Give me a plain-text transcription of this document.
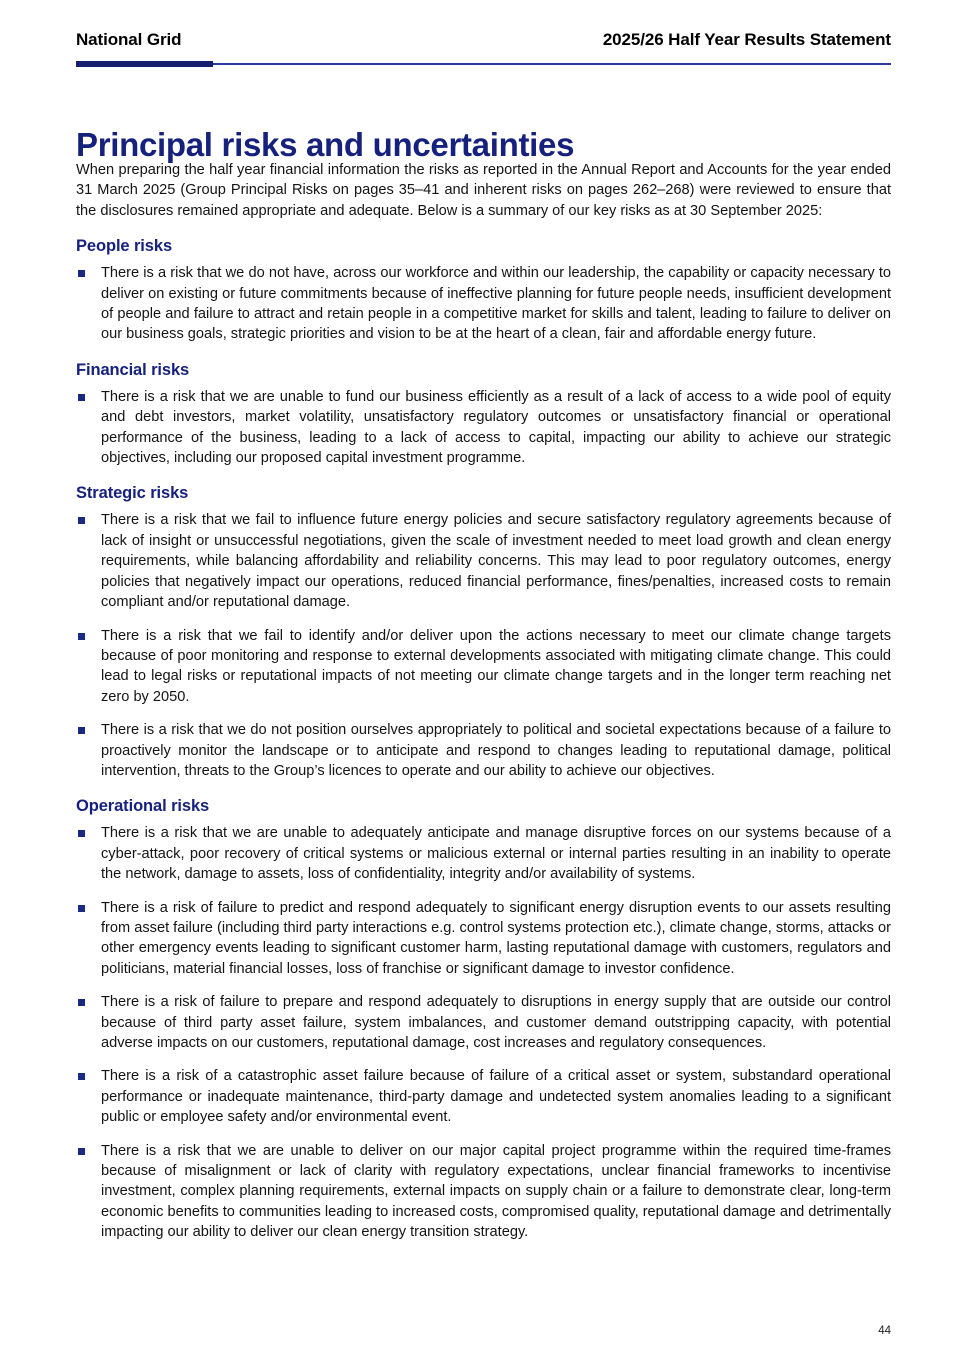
National Grid	2025/26 Half Year Results Statement
Principal risks and uncertainties

When preparing the half year financial information the risks as reported in the Annual Report and Accounts for the year ended 31 March 2025 (Group Principal Risks on pages 35–41 and inherent risks on pages 262–268) were reviewed to ensure that the disclosures remained appropriate and adequate. Below is a summary of our key risks as at 30 September 2025:

People risks
There is a risk that we do not have, across our workforce and within our leadership, the capability or capacity necessary to deliver on existing or future commitments because of ineffective planning for future people needs, insufficient development of people and failure to attract and retain people in a competitive market for skills and talent, leading to failure to deliver on our business goals, strategic priorities and vision to be at the heart of a clean, fair and affordable energy future.
Financial risks
There is a risk that we are unable to fund our business efficiently as a result of a lack of access to a wide pool of equity and debt investors, market volatility, unsatisfactory regulatory outcomes or unsatisfactory financial or operational performance of the business, leading to a lack of access to capital, impacting our ability to achieve our strategic objectives, including our proposed capital investment programme.
Strategic risks
There is a risk that we fail to influence future energy policies and secure satisfactory regulatory agreements because of lack of insight or unsuccessful negotiations, given the scale of investment needed to meet load growth and clean energy requirements, while balancing affordability and reliability concerns. This may lead to poor regulatory outcomes, energy policies that negatively impact our operations, reduced financial performance, fines/penalties, increased costs to remain compliant and/or reputational damage.
There is a risk that we fail to identify and/or deliver upon the actions necessary to meet our climate change targets because of poor monitoring and response to external developments associated with mitigating climate change. This could lead to legal risks or reputational impacts of not meeting our climate change targets and in the longer term reaching net zero by 2050.
There is a risk that we do not position ourselves appropriately to political and societal expectations because of a failure to proactively monitor the landscape or to anticipate and respond to changes leading to reputational damage, political intervention, threats to the Group’s licences to operate and our ability to achieve our objectives.
Operational risks
There is a risk that we are unable to adequately anticipate and manage disruptive forces on our systems because of a cyber-attack, poor recovery of critical systems or malicious external or internal parties resulting in an inability to operate the network, damage to assets, loss of confidentiality, integrity and/or availability of systems.
There is a risk of failure to predict and respond adequately to significant energy disruption events to our assets resulting from asset failure (including third party interactions e.g. control systems protection etc.), climate change, storms, attacks or other emergency events leading to significant customer harm, lasting reputational damage with customers, regulators and politicians, material financial losses, loss of franchise or significant damage to investor confidence.
There is a risk of failure to prepare and respond adequately to disruptions in energy supply that are outside our control because of third party asset failure, system imbalances, and customer demand outstripping capacity, with potential adverse impacts on our customers, reputational damage, cost increases and regulatory consequences.
There is a risk of a catastrophic asset failure because of failure of a critical asset or system, substandard operational performance or inadequate maintenance, third-party damage and undetected system anomalies leading to a significant public or employee safety and/or environmental event.
There is a risk that we are unable to deliver on our major capital project programme within the required time-frames because of misalignment or lack of clarity with regulatory expectations, unclear financial frameworks to incentivise investment, complex planning requirements, external impacts on supply chain or a failure to demonstrate clear, long-term economic benefits to communities leading to increased costs, compromised quality, reputational damage and detrimentally impacting our ability to deliver our clean energy transition strategy.
44
